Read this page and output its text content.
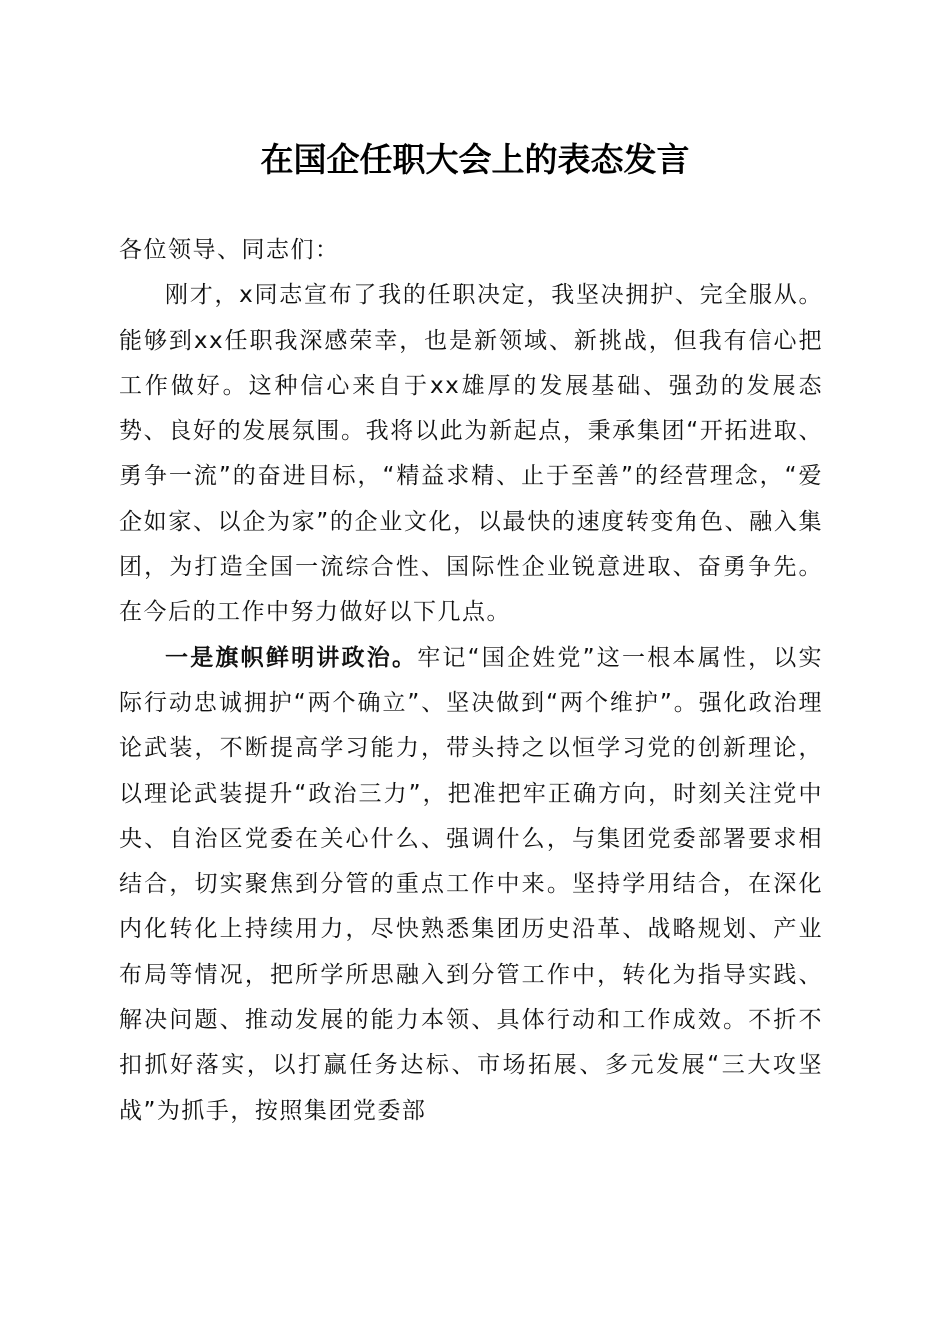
在国企任职大会上的表态发言

各位领导、同志们：

刚才，x同志宣布了我的任职决定，我坚决拥护、完全服从。能够到xx任职我深感荣幸，也是新领域、新挑战，但我有信心把工作做好。这种信心来自于xx雄厚的发展基础、强劲的发展态势、良好的发展氛围。我将以此为新起点，秉承集团“开拓进取、勇争一流”的奋进目标，“精益求精、止于至善”的经营理念，“爱企如家、以企为家”的企业文化，以最快的速度转变角色、融入集团，为打造全国一流综合性、国际性企业锐意进取、奋勇争先。在今后的工作中努力做好以下几点。

一是旗帜鲜明讲政治。牢记“国企姓党”这一根本属性，以实际行动忠诚拥护“两个确立”、坚决做到“两个维护”。强化政治理论武装，不断提高学习能力，带头持之以恒学习党的创新理论，以理论武装提升“政治三力”，把准把牢正确方向，时刻关注党中央、自治区党委在关心什么、强调什么，与集团党委部署要求相结合，切实聚焦到分管的重点工作中来。坚持学用结合，在深化内化转化上持续用力，尽快熟悉集团历史沿革、战略规划、产业布局等情况，把所学所思融入到分管工作中，转化为指导实践、解决问题、推动发展的能力本领、具体行动和工作成效。不折不扣抓好落实，以打赢任务达标、市场拓展、多元发展“三大攻坚战”为抓手，按照集团党委部
